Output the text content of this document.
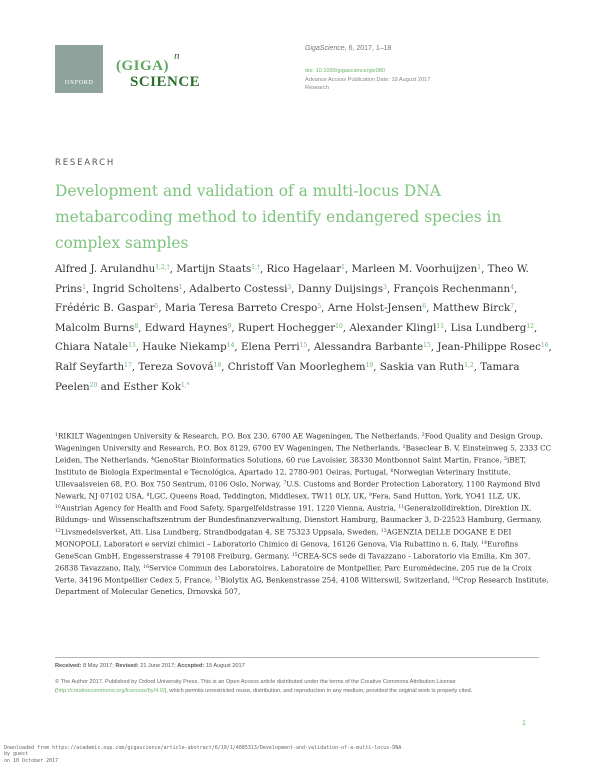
OXFORD
(GIGA)
n
SCIENCE
GigaScience, 6, 2017, 1–18
doi: 10.1093/gigascience/gix080
Advance Access Publication Date: 19 August 2017
Research
RESEARCH
Development and validation of a multi-locus DNA metabarcoding method to identify endangered species in complex samples
Alfred J. Arulandhu$^{1,2,\dagger}$, Martijn Staats$^{1,\dagger}$, Rico Hagelaar$^1$, Marleen M. Voorhuijzen$^1$, Theo W. Prins$^1$, Ingrid Scholtens$^1$, Adalberto Costessi$^3$, Danny Duijsings$^3$, François Rechenmann$^4$, Frédéric B. Gaspar$^5$, Maria Teresa Barreto Crespo$^5$, Arne Holst-Jensen$^6$, Matthew Birck$^7$, Malcolm Burns$^8$, Edward Haynes$^9$, Rupert Hochegger$^{10}$, Alexander Klingl$^{11}$, Lisa Lundberg$^{12}$, Chiara Natale$^{13}$, Hauke Niekamp$^{14}$, Elena Perri$^{15}$, Alessandra Barbante$^{15}$, Jean-Philippe Rosec$^{16}$, Ralf Seyfarth$^{17}$, Tereza Sovová$^{18}$, Christoff Van Moorleghem$^{19}$, Saskia van Ruth$^{1,2}$, Tamara Peelen$^{20}$ and Esther Kok$^{1,*}$
$^1$RIKILT Wageningen University & Research, P.O. Box 230, 6700 AE Wageningen, The Netherlands, $^2$Food Quality and Design Group, Wageningen University and Research, P.O. Box 8129, 6700 EV Wageningen, The Netherlands, $^3$Baseclear B. V, Einsteinweg 5, 2333 CC Leiden, The Netherlands, $^4$GenoStar Bioinformatics Solutions, 60 rue Lavoisier, 38330 Montbonnot Saint Martin, France, $^5$iBET, Instituto de Biologia Experimental e Tecnológica, Apartado 12, 2780-901 Oeiras, Portugal, $^6$Norwegian Veterinary Institute, Ullevaalsveien 68, P.O. Box 750 Sentrum, 0106 Oslo, Norway, $^7$U.S. Customs and Border Protection Laboratory, 1100 Raymond Blvd Newark, NJ 07102 USA, $^8$LGC, Queens Road, Teddington, Middlesex, TW11 0LY, UK, $^9$Fera, Sand Hutton, York, YO41 1LZ, UK, $^{10}$Austrian Agency for Health and Food Safety, Spargelfeldstrasse 191, 1220 Vienna, Austria, $^{11}$Generalzolldirektion, Direktion IX, Bildungs- und Wissenschaftszentrum der Bundesfinanzverwaltung, Dienstort Hamburg, Baumacker 3, D-22523 Hamburg, Germany, $^{12}$Livsmedelsverket, Att. Lisa Lundberg, Strandbodgatan 4, SE 75323 Uppsala, Sweden, $^{13}$AGENZIA DELLE DOGANE E DEI MONOPOLI, Laboratori e servizi chimici – Laboratorio Chimico di Genova, 16126 Genova, Via Rubattino n. 6, Italy, $^{14}$Eurofins GeneScan GmbH, Engesserstrasse 4 79108 Freiburg, Germany, $^{15}$CREA-SCS sede di Tavazzano - Laboratorio via Emilia, Km 307, 26838 Tavazzano, Italy, $^{16}$Service Commun des Laboratoires, Laboratoire de Montpellier, Parc Euromédecine, 205 rue de la Croix Verte, 34196 Montpellier Cedex 5, France, $^{17}$Biolytix AG, Benkenstrasse 254, 4108 Witterswil, Switzerland, $^{18}$Crop Research Institute, Department of Molecular Genetics, Drnovská 507,
Received: 8 May 2017; Revised: 21 June 2017; Accepted: 15 August 2017
© The Author 2017. Published by Oxford University Press. This is an Open Access article distributed under the terms of the Creative Commons Attribution License (http://creativecommons.org/licenses/by/4.0/), which permits unrestricted reuse, distribution, and reproduction in any medium, provided the original work is properly cited.
1
Downloaded from https://academic.oup.com/gigascience/article-abstract/6/10/1/4085313/Development-and-validation-of-a-multi-locus-DNA
by guest
on 10 October 2017
